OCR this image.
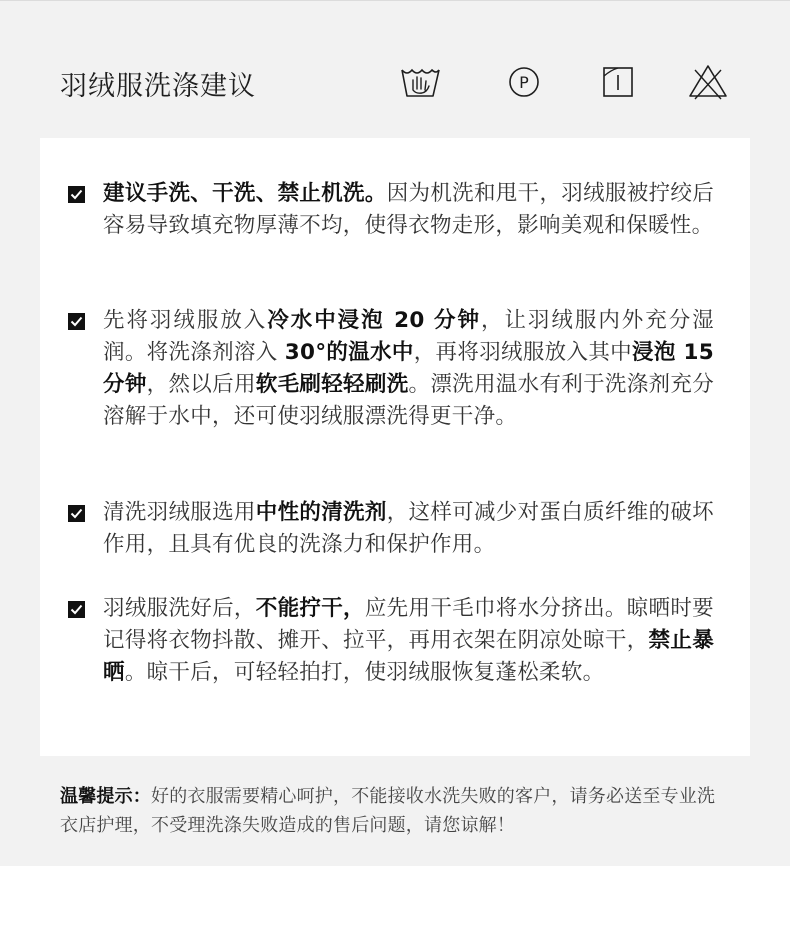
羽绒服洗涤建议	P
建议手洗、干洗、禁止机洗。因为机洗和甩干，羽绒服被拧绞后容易导致填充物厚薄不均，使得衣物走形，影响美观和保暖性。
先将羽绒服放入冷水中浸泡 20 分钟，让羽绒服内外充分湿润。将洗涤剂溶入 30°的温水中，再将羽绒服放入其中浸泡 15 分钟，然以后用软毛刷轻轻刷洗。漂洗用温水有利于洗涤剂充分溶解于水中，还可使羽绒服漂洗得更干净。
清洗羽绒服选用中性的清洗剂，这样可减少对蛋白质纤维的破坏作用，且具有优良的洗涤力和保护作用。
羽绒服洗好后，不能拧干，应先用干毛巾将水分挤出。晾晒时要记得将衣物抖散、摊开、拉平，再用衣架在阴凉处晾干，禁止暴晒。晾干后，可轻轻拍打，使羽绒服恢复蓬松柔软。
温馨提示：好的衣服需要精心呵护，不能接收水洗失败的客户，请务必送至专业洗衣店护理，不受理洗涤失败造成的售后问题，请您谅解！
